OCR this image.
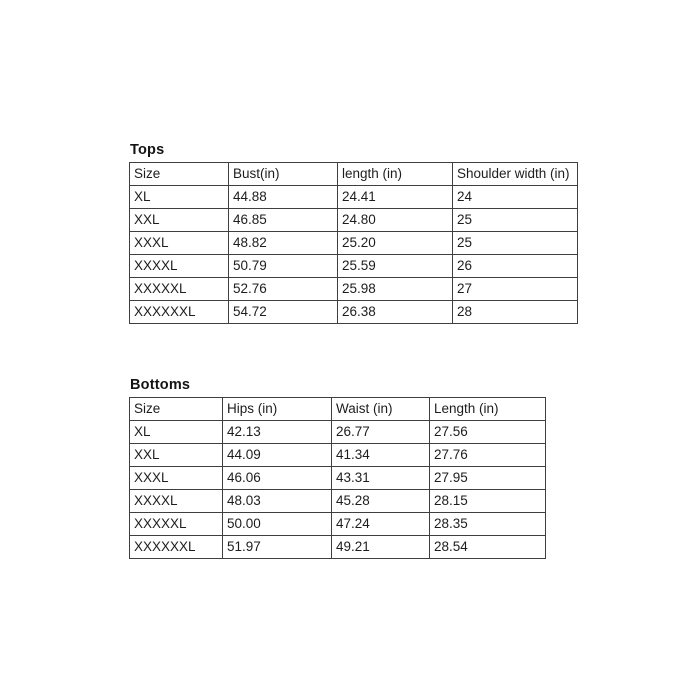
Tops
Size	Bust(in)	length (in)	Shoulder width (in)
XL	44.88	24.41	24
XXL	46.85	24.80	25
XXXL	48.82	25.20	25
XXXXL	50.79	25.59	26
XXXXXL	52.76	25.98	27
XXXXXXL	54.72	26.38	28
Bottoms
Size	Hips (in)	Waist (in)	Length (in)
XL	42.13	26.77	27.56
XXL	44.09	41.34	27.76
XXXL	46.06	43.31	27.95
XXXXL	48.03	45.28	28.15
XXXXXL	50.00	47.24	28.35
XXXXXXL	51.97	49.21	28.54
